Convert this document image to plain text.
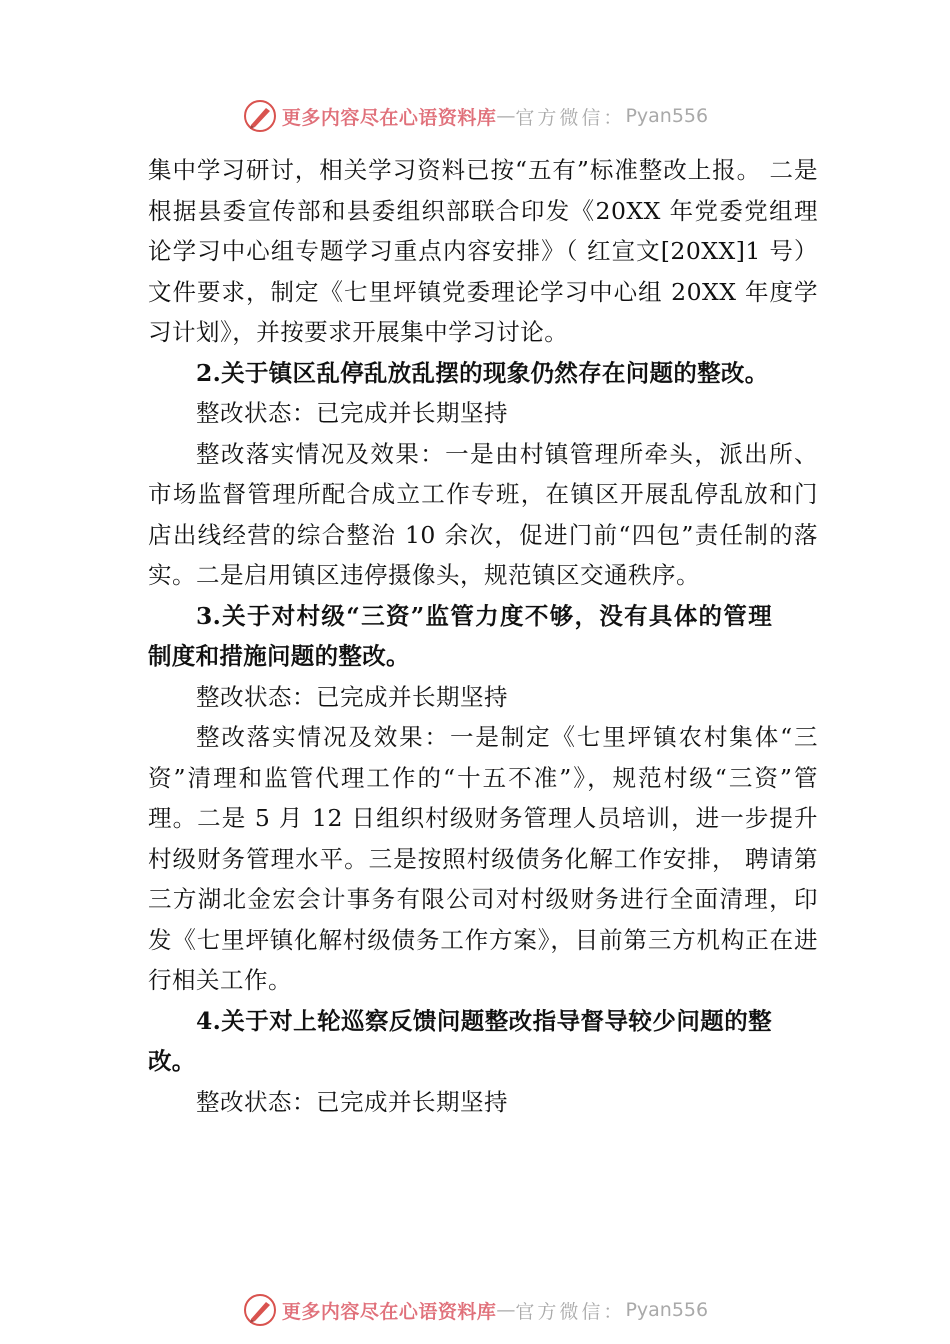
更多内容尽在心语资料库 — 官方微信： Pyan556

集中学习研讨，相关学习资料已按“五有”标准整改上报。 二是根据县委宣传部和县委组织部联合印发《20XX 年党委党组理论学习中心组专题学习重点内容安排》（ 红宣文[20XX]1 号）文件要求，制定《七里坪镇党委理论学习中心组 20XX 年度学习计划》，并按要求开展集中学习讨论。

2.关于镇区乱停乱放乱摆的现象仍然存在问题的整改。

整改状态：已完成并长期坚持

整改落实情况及效果：一是由村镇管理所牵头，派出所、市场监督管理所配合成立工作专班，在镇区开展乱停乱放和门店出线经营的综合整治 10 余次，促进门前“四包”责任制的落实。二是启用镇区违停摄像头，规范镇区交通秩序。

3.关于对村级“三资”监管力度不够，没有具体的管理制度和措施问题的整改。

整改状态：已完成并长期坚持

整改落实情况及效果：一是制定《七里坪镇农村集体“三资”清理和监管代理工作的“十五不准”》，规范村级“三资”管理。二是 5 月 12 日组织村级财务管理人员培训，进一步提升村级财务管理水平。三是按照村级债务化解工作安排， 聘请第三方湖北金宏会计事务有限公司对村级财务进行全面清理，印发《七里坪镇化解村级债务工作方案》，目前第三方机构正在进行相关工作。

4.关于对上轮巡察反馈问题整改指导督导较少问题的整改。

整改状态：已完成并长期坚持

更多内容尽在心语资料库 — 官方微信： Pyan556
